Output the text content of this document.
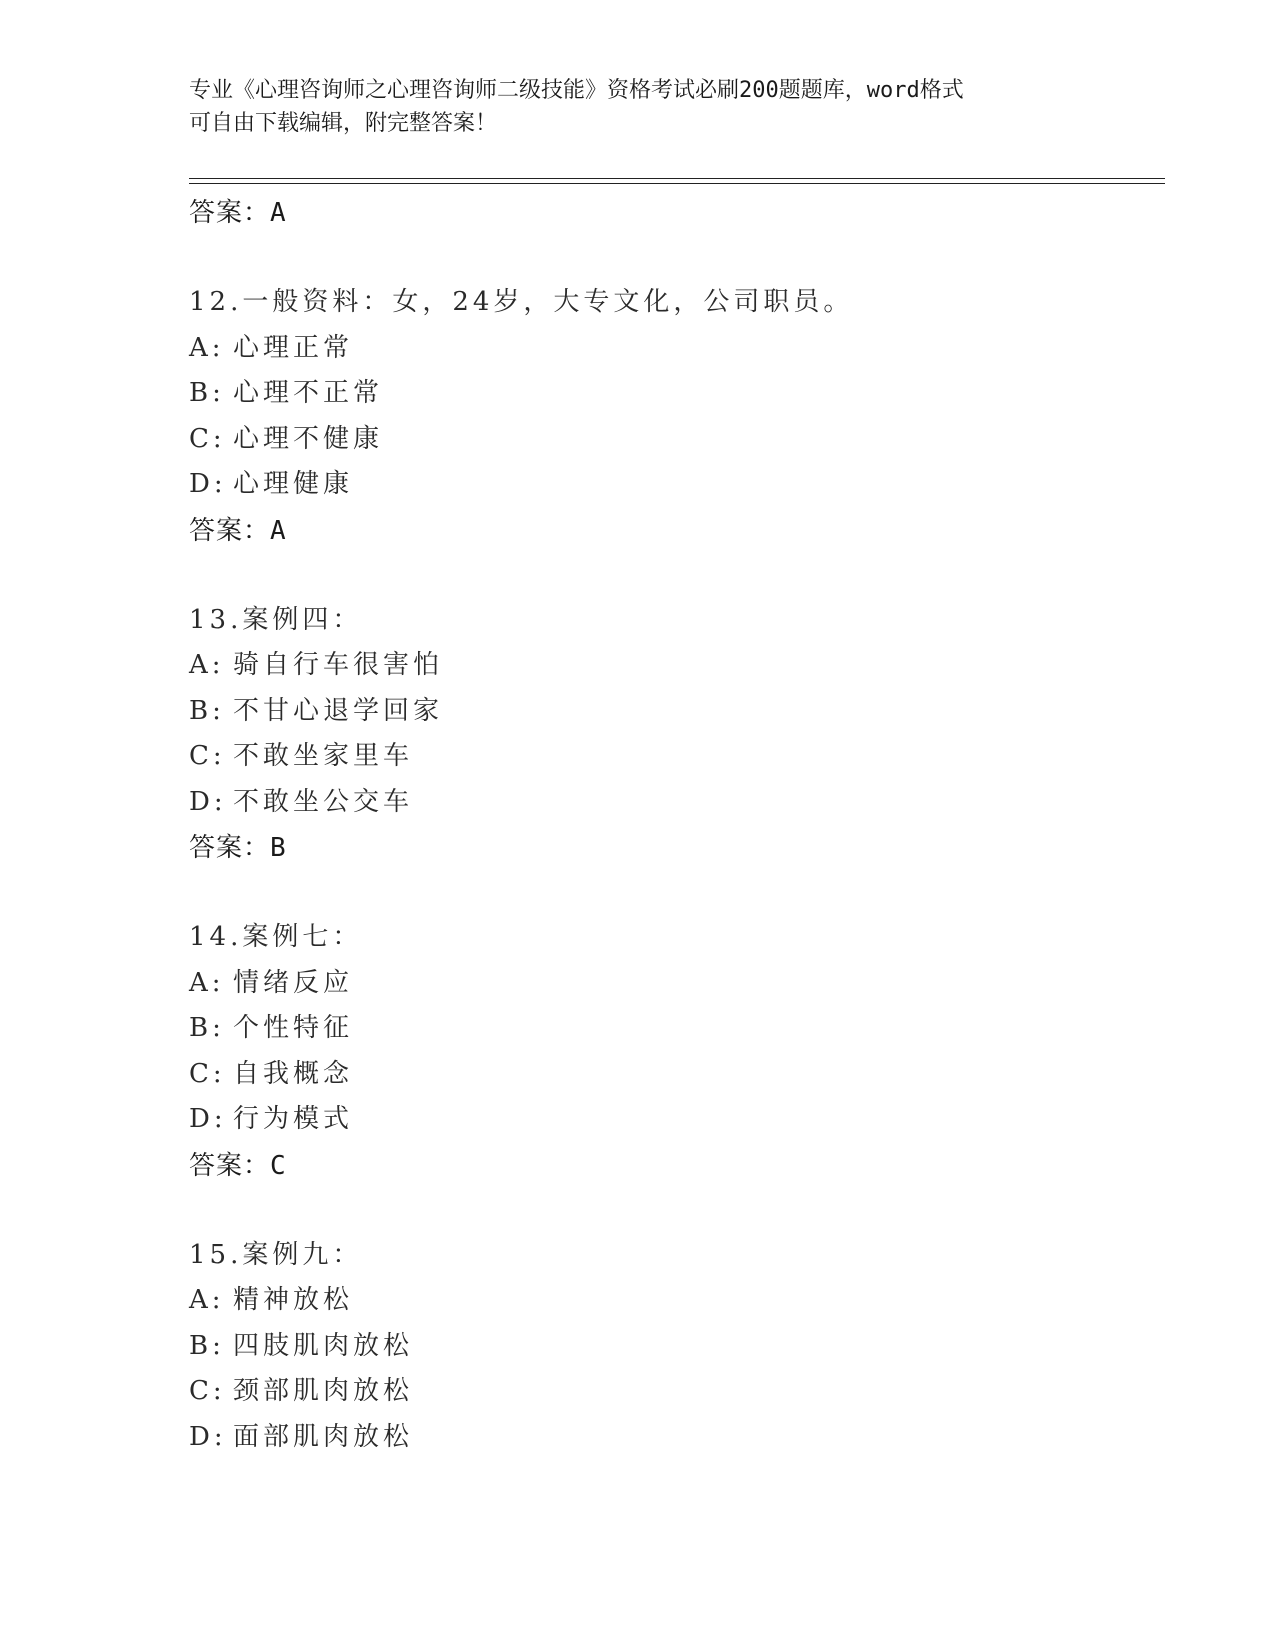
专业《心理咨询师之心理咨询师二级技能》资格考试必刷200题题库，word格式
可自由下载编辑，附完整答案！
答案：A
12.一般资料：女，24岁，大专文化，公司职员。
A: 心理正常
B: 心理不正常
C: 心理不健康
D: 心理健康
答案：A
13.案例四：
A: 骑自行车很害怕
B: 不甘心退学回家
C: 不敢坐家里车
D: 不敢坐公交车
答案：B
14.案例七：
A: 情绪反应
B: 个性特征
C: 自我概念
D: 行为模式
答案：C
15.案例九：
A: 精神放松
B: 四肢肌肉放松
C: 颈部肌肉放松
D: 面部肌肉放松
